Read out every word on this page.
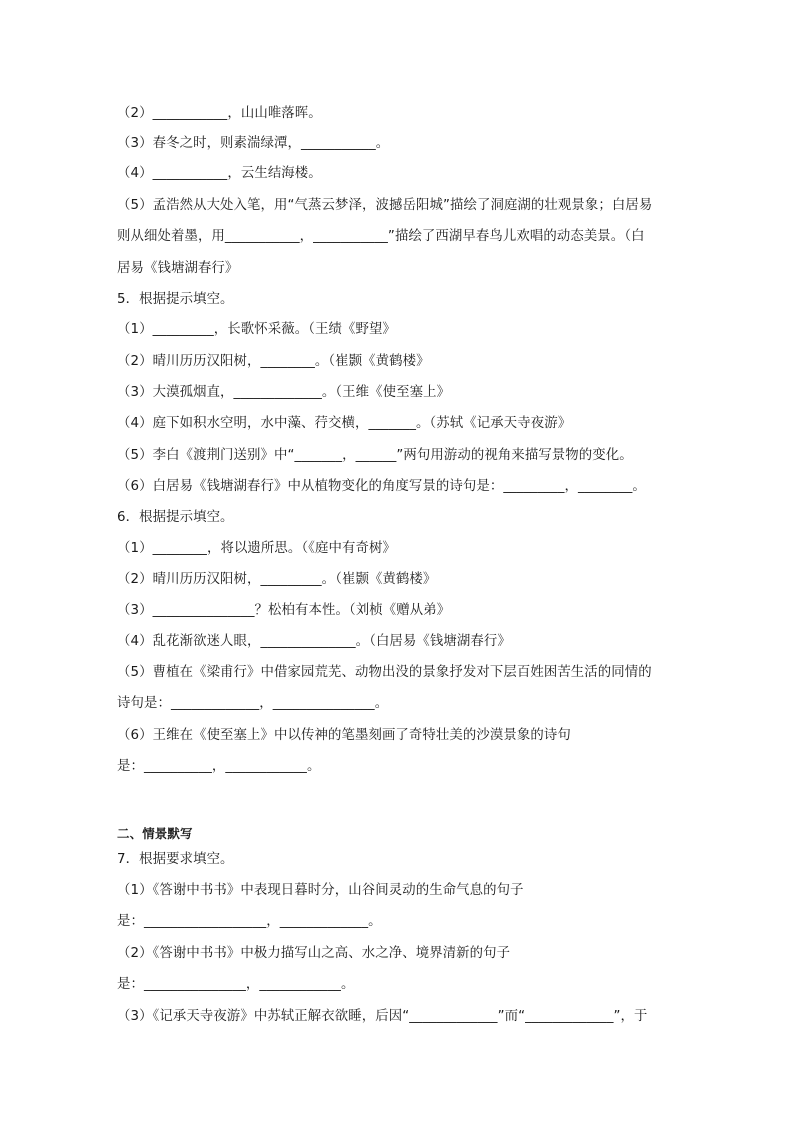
（2）___________，山山唯落晖。
（3）春冬之时，则素湍绿潭，___________。
（4）___________，云生结海楼。
（5）孟浩然从大处入笔，用“气蒸云梦泽，波撼岳阳城”描绘了洞庭湖的壮观景象；白居易
则从细处着墨，用___________，___________”描绘了西湖早春鸟儿欢唱的动态美景。（白
居易《钱塘湖春行》
5．根据提示填空。
（1）_________，长歌怀采薇。（王绩《野望》
（2）晴川历历汉阳树，________。（崔颢《黄鹤楼》
（3）大漠孤烟直，_____________。（王维《使至塞上》
（4）庭下如积水空明，水中藻、荇交横，_______。（苏轼《记承天寺夜游》
（5）李白《渡荆门送别》中“_______，______”两句用游动的视角来描写景物的变化。
（6）白居易《钱塘湖春行》中从植物变化的角度写景的诗句是：_________，________。
6．根据提示填空。
（1）________，将以遗所思。（《庭中有奇树》
（2）晴川历历汉阳树，_________。（崔颢《黄鹤楼》
（3）_______________？松柏有本性。（刘桢《赠从弟》
（4）乱花渐欲迷人眼，______________。（白居易《钱塘湖春行》
（5）曹植在《梁甫行》中借家园荒芜、动物出没的景象抒发对下层百姓困苦生活的同情的
诗句是：_____________，_______________。
（6）王维在《使至塞上》中以传神的笔墨刻画了奇特壮美的沙漠景象的诗句
是：__________，____________。
二、情景默写
7．根据要求填空。
（1）《答谢中书书》中表现日暮时分，山谷间灵动的生命气息的句子
是：__________________，_____________。
（2）《答谢中书书》中极力描写山之高、水之净、境界清新的句子
是：_______________，____________。
（3）《记承天寺夜游》中苏轼正解衣欲睡，后因“_____________”而“_____________”，于
